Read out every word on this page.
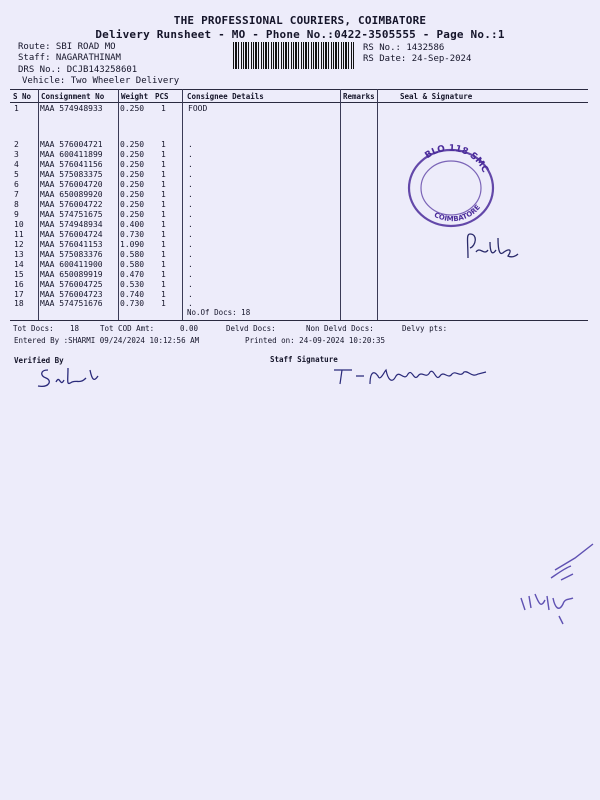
THE PROFESSIONAL COURIERS, COIMBATORE
Delivery Runsheet - MO - Phone No.:0422-3505555 - Page No.:1
Route: SBI ROAD MO
Staff: NAGARATHINAM
DRS No.: DCJB143258601
Vehicle: Two Wheeler Delivery
RS No.: 1432586
RS Date: 24-Sep-2024
S No Consignment No Weight PCS Consignee Details	Remarks	Seal & Signature
1	MAA 574948933 0.250 1	FOOD
2	MAA 576004721 0.250 1	.
3	MAA 600411899 0.250 1	.
4	MAA 576041156 0.250 1	.
5	MAA 575083375 0.250 1	.
6	MAA 576004720 0.250 1	.
7	MAA 650089920 0.250 1	.
8	MAA 576004722 0.250 1	.
9	MAA 574751675 0.250 1	.
10 MAA 574948934 0.400 1	.
11 MAA 576004724 0.730 1	.
12 MAA 576041153 1.090 1	.
13 MAA 575083376 0.580 1	.
14 MAA 600411900 0.580 1	.
15 MAA 650089919 0.470 1	.
16 MAA 576004725 0.530 1	.
17 MAA 576004723 0.740 1	.
18 MAA 574751676 0.730 1	.
No.Of Docs: 18
Tot Docs: 18	Tot COD Amt:	0.00	Delvd Docs:	Non Delvd Docs:	Delvy pts:
Entered By :SHARMI 09/24/2024 10:12:56 AM	Printed on: 24-09-2024 10:20:35
Verified By	Staff Signature
BLO 118 SMC
COIMBATORE
